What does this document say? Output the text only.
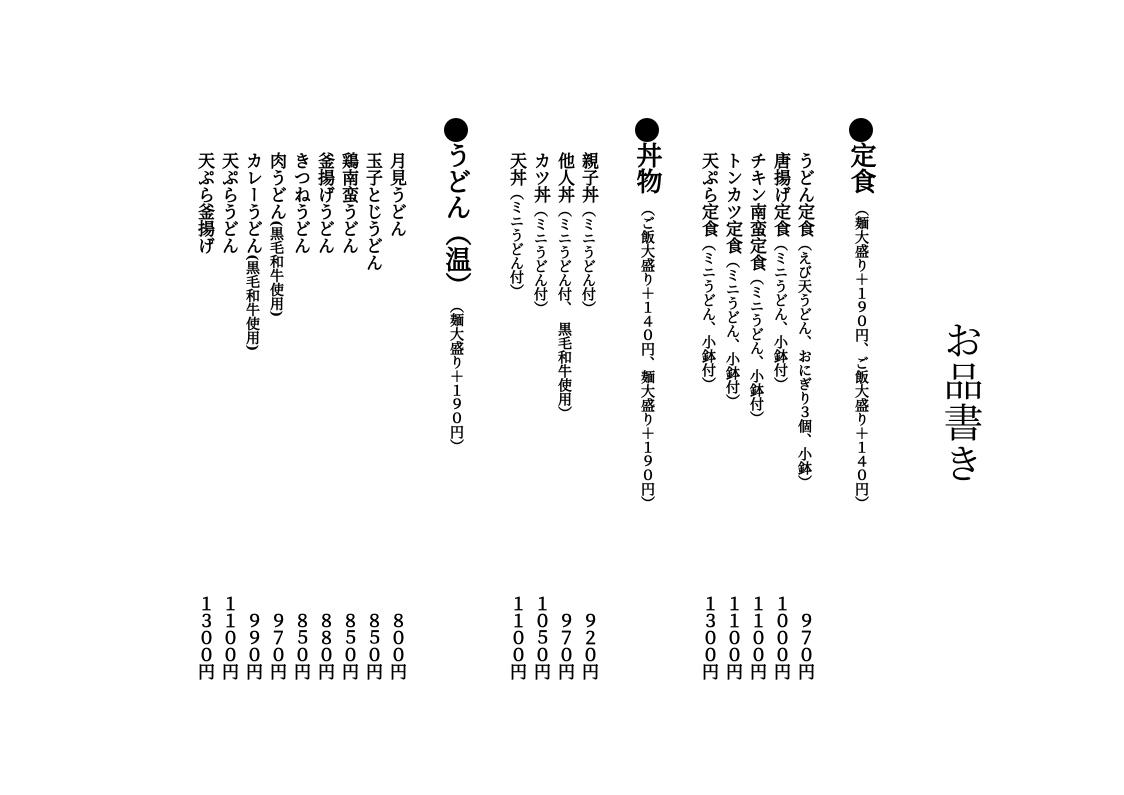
お品書き
定食（麺大盛り＋１９０円、ご飯大盛り＋１４０円）
うどん定食（えび天うどん、おにぎり３個、小鉢）
唐揚げ定食（ミニうどん、小鉢付）
チキン南蛮定食（ミニうどん、小鉢付）
トンカツ定食（ミニうどん、小鉢付）
天ぷら定食（ミニうどん、小鉢付）
９７０円
１０００円
１１００円
１１００円
１３００円
丼物（ご飯大盛り＋１４０円、麺大盛り＋１９０円）
親子丼（ミニうどん付）
他人丼（ミニうどん付、　黒毛和牛使用）
カツ丼（ミニうどん付）
天丼（ミニうどん付）
９２０円
９７０円
１０５０円
１１００円
うどん（温）（麺大盛り＋１９０円）
月見うどん
玉子とじうどん
鶏南蛮うどん
釜揚げうどん
きつねうどん
肉うどん(黒毛和牛使用)
カレーうどん(黒毛和牛使用)
天ぷらうどん
天ぷら釜揚げ
８００円
８５０円
８５０円
８８０円
８５０円
９７０円
９９０円
１１００円
１３００円
